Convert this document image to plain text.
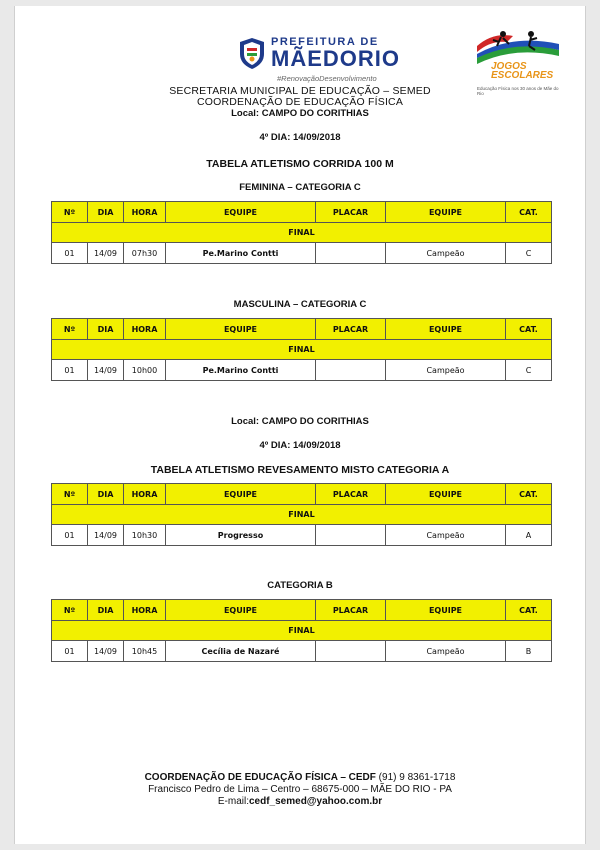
PREFEITURA DE
MÃEDORIO
#RenovaçãoDesenvolvimento
JOGOS ESCOLARES
Educação Física nos 30 anos de Mãe do Rio
SECRETARIA MUNICIPAL DE EDUCAÇÃO – SEMED
COORDENAÇÃO DE EDUCAÇÃO FÍSICA
Local: CAMPO DO CORITHIAS
4º DIA: 14/09/2018
TABELA ATLETISMO CORRIDA 100 M
FEMININA – CATEGORIA C
Nº	DIA	HORA	EQUIPE	PLACAR	EQUIPE	CAT.
FINAL						
01	14/09	07h30	Pe.Marino Contti		Campeão	C
MASCULINA – CATEGORIA C
Nº	DIA	HORA	EQUIPE	PLACAR	EQUIPE	CAT.
FINAL						
01	14/09	10h00	Pe.Marino Contti		Campeão	C
Local: CAMPO DO CORITHIAS
4º DIA: 14/09/2018
TABELA ATLETISMO REVESAMENTO MISTO CATEGORIA A
Nº	DIA	HORA	EQUIPE	PLACAR	EQUIPE	CAT.
FINAL						
01	14/09	10h30	Progresso		Campeão	A
CATEGORIA B
Nº	DIA	HORA	EQUIPE	PLACAR	EQUIPE	CAT.
FINAL						
01	14/09	10h45	Cecília de Nazaré		Campeão	B
COORDENAÇÃO DE EDUCAÇÃO FÍSICA – CEDF (91) 9 8361-1718
Francisco Pedro de Lima – Centro – 68675-000 – MÃE DO RIO - PA
E-mail:cedf_semed@yahoo.com.br
